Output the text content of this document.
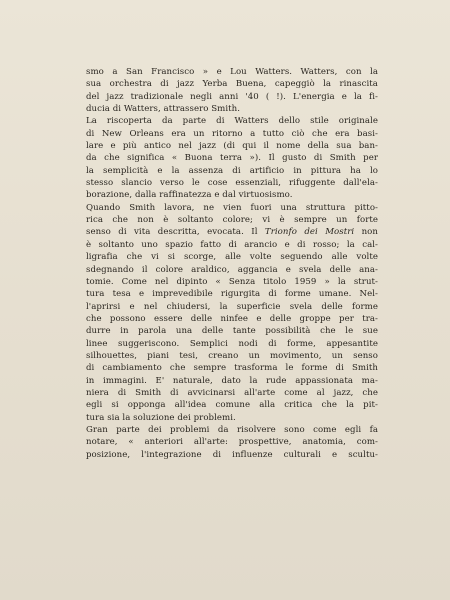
smo a San Francisco » e Lou Watters. Watters, con la
sua orchestra di jazz Yerba Buena, capeggiò la rinascita
del jazz tradizionale negli anni '40 ( !). L'energia e la fi-
ducia di Watters, attrassero Smith.
La riscoperta da parte di Watters dello stile originale
di New Orleans era un ritorno a tutto ciò che era basi-
lare e più antico nel jazz (di qui il nome della sua ban-
da che significa « Buona terra »). Il gusto di Smith per
la semplicità e la assenza di artificio in pittura ha lo
stesso slancio verso le cose essenziali, rifuggente dall'ela-
borazione, dalla raffinatezza e dal virtuosismo.
Quando Smith lavora, ne vien fuori una struttura pittо-
rica che non è soltanto colore; vi è sempre un forte
senso di vita descritta, evocata. Il Trionfo dei Mostri non
è soltanto uno spazio fatto di arancio e di rosso; la cal-
ligrafia che vi si scorge, alle volte seguendo alle volte
sdegnando il colore araldico, aggancia e svela delle ana-
tomie. Come nel dipinto « Senza titolo 1959 » la strut-
tura tesa e imprevedibile rigurgita di forme umane. Nel-
l'aprirsi e nel chiudersi, la superficie svela delle forme
che possono essere delle ninfee e delle groppe per tra-
durre in parola una delle tante possibilità che le sue
linee suggeriscono. Semplici nodi di forme, appesantite
silhouettes, piani tesi, creano un movimento, un senso
di cambiamento che sempre trasforma le forme di Smith
in immagini. E' naturale, dato la rude appassionata ma-
niera di Smith di avvicinarsi all'arte come al jazz, che
egli si opponga all'idea comune alla critica che la pit-
tura sia la soluzione dei problemi.
Gran parte dei problemi da risolvere sono come egli fa
notare, « anteriori all'arte: prospettive, anatomia, com-
posizione, l'integrazione di influenze culturali e scultu-
